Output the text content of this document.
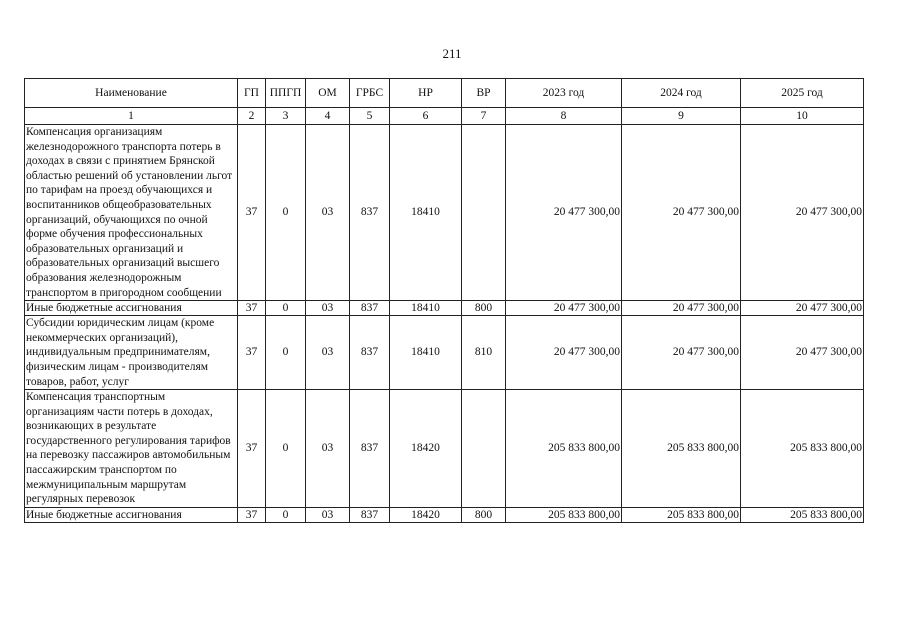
211
Наименование	ГП	ППГП	ОМ	ГРБС	НР	ВР	2023 год	2024 год	2025 год
1	2	3	4	5	6	7	8	9	10
Компенсация организациям железнодорожного транспорта потерь в доходах в связи с принятием Брянской областью решений об установлении льгот по тарифам на проезд обучающихся и воспитанников общеобразовательных организаций, обучающихся по очной форме обучения профессиональных образовательных организаций и образовательных организаций высшего образования железнодорожным транспортом в пригородном сообщении	37	0	03	837	18410		20 477 300,00	20 477 300,00	20 477 300,00
Иные бюджетные ассигнования	37	0	03	837	18410	800	20 477 300,00	20 477 300,00	20 477 300,00
Субсидии юридическим лицам (кроме некоммерческих организаций), индивидуальным предпринимателям, физическим лицам - производителям товаров, работ, услуг	37	0	03	837	18410	810	20 477 300,00	20 477 300,00	20 477 300,00
Компенсация транспортным организациям части потерь в доходах, возникающих в результате государственного регулирования тарифов на перевозку пассажиров автомобильным пассажирским транспортом по межмуниципальным маршрутам регулярных перевозок	37	0	03	837	18420		205 833 800,00	205 833 800,00	205 833 800,00
Иные бюджетные ассигнования	37	0	03	837	18420	800	205 833 800,00	205 833 800,00	205 833 800,00
